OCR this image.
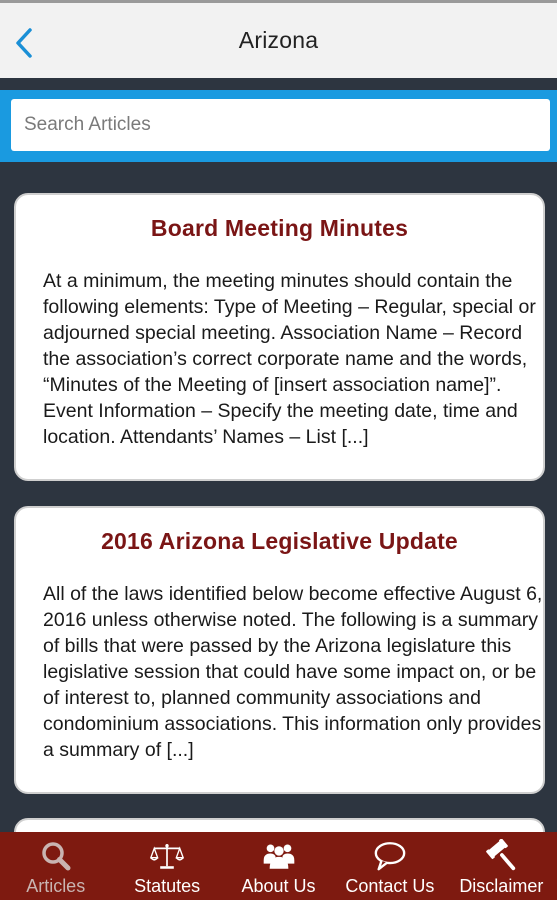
Arizona
Search Articles
Board Meeting Minutes
At a minimum, the meeting minutes should contain the following elements: Type of Meeting – Regular, special or adjourned special meeting. Association Name – Record the association’s correct corporate name and the words, “Minutes of the Meeting of [insert association name]”. Event Information – Specify the meeting date, time and location. Attendants’ Names – List [...]
2016 Arizona Legislative Update
All of the laws identified below become effective August 6, 2016 unless otherwise noted. The following is a summary of bills that were passed by the Arizona legislature this legislative session that could have some impact on, or be of interest to, planned community associations and condominium associations. This information only provides a summary of [...]
Articles	Statutes About Us Contact Us Disclaimer
